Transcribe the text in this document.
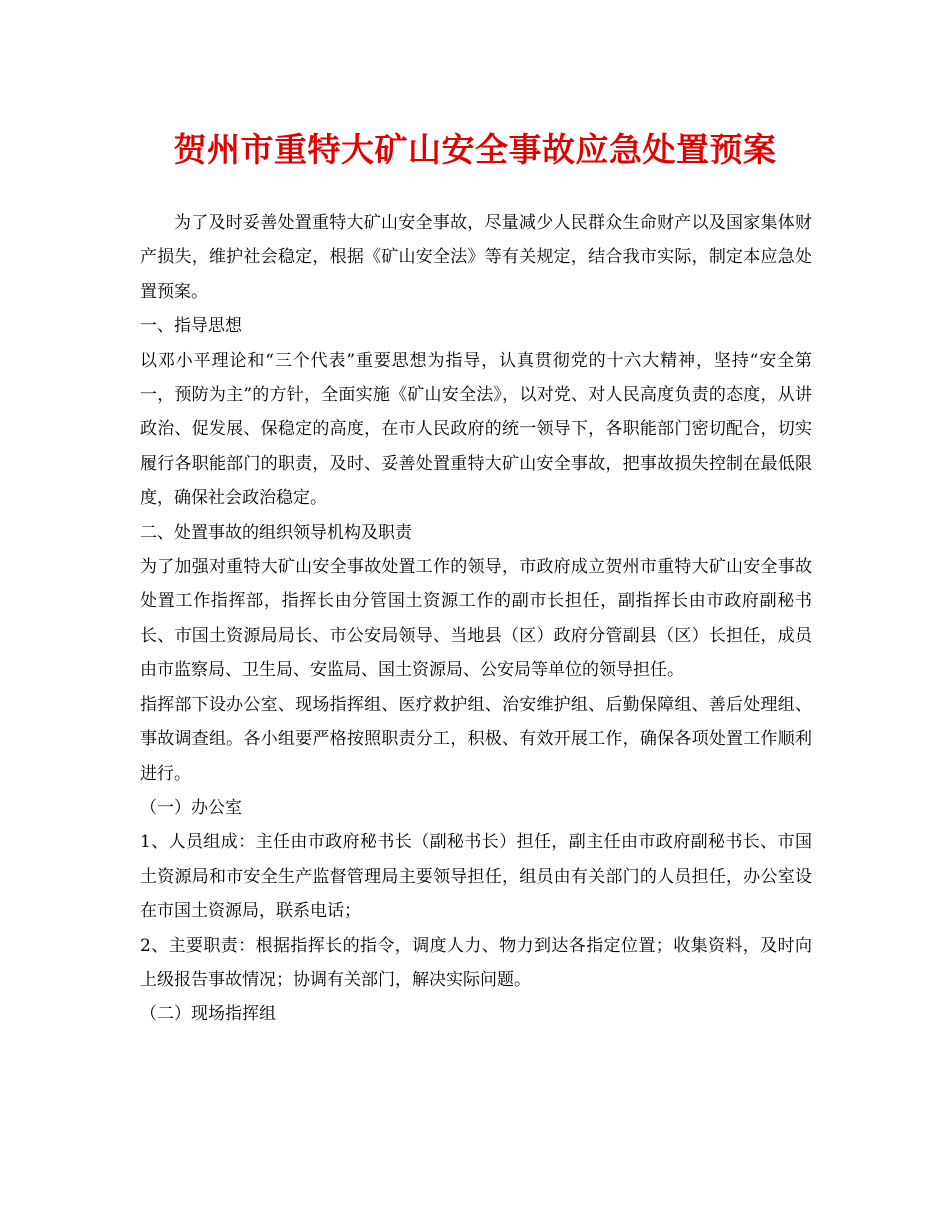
贺州市重特大矿山安全事故应急处置预案

为了及时妥善处置重特大矿山安全事故，尽量减少人民群众生命财产以及国家集体财产损失，维护社会稳定，根据《矿山安全法》等有关规定，结合我市实际，制定本应急处置预案。

一、指导思想

以邓小平理论和“三个代表”重要思想为指导，认真贯彻党的十六大精神，坚持“安全第一，预防为主”的方针，全面实施《矿山安全法》，以对党、对人民高度负责的态度，从讲政治、促发展、保稳定的高度，在市人民政府的统一领导下，各职能部门密切配合，切实履行各职能部门的职责，及时、妥善处置重特大矿山安全事故，把事故损失控制在最低限度，确保社会政治稳定。

二、处置事故的组织领导机构及职责

为了加强对重特大矿山安全事故处置工作的领导，市政府成立贺州市重特大矿山安全事故处置工作指挥部，指挥长由分管国土资源工作的副市长担任，副指挥长由市政府副秘书长、市国土资源局局长、市公安局领导、当地县（区）政府分管副县（区）长担任，成员由市监察局、卫生局、安监局、国土资源局、公安局等单位的领导担任。

指挥部下设办公室、现场指挥组、医疗救护组、治安维护组、后勤保障组、善后处理组、事故调查组。各小组要严格按照职责分工，积极、有效开展工作，确保各项处置工作顺利进行。

（一）办公室

1、人员组成：主任由市政府秘书长（副秘书长）担任，副主任由市政府副秘书长、市国土资源局和市安全生产监督管理局主要领导担任，组员由有关部门的人员担任，办公室设在市国土资源局，联系电话；

2、主要职责：根据指挥长的指令，调度人力、物力到达各指定位置；收集资料，及时向上级报告事故情况；协调有关部门，解决实际问题。

（二）现场指挥组
